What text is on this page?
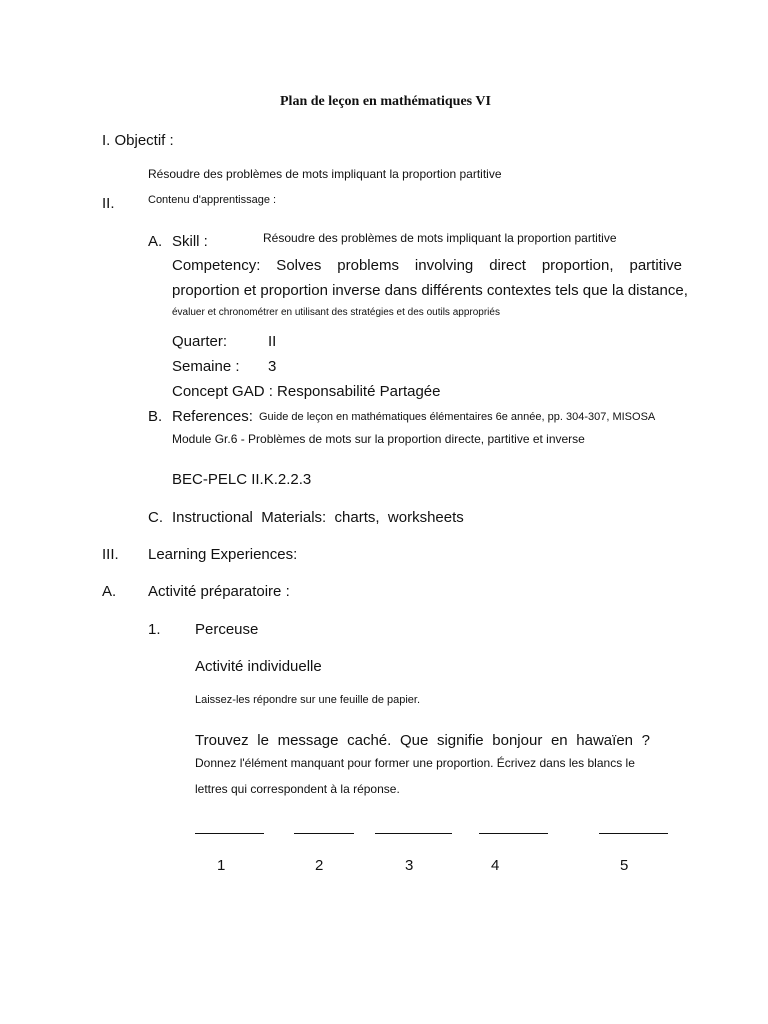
Plan de leçon en mathématiques VI
I. Objectif :
Résoudre des problèmes de mots impliquant la proportion partitive
II.	Contenu d'apprentissage :
A. Skill :	Résoudre des problèmes de mots impliquant la proportion partitive
Competency: Solves problems involving direct proportion, partitive
proportion et proportion inverse dans différents contextes tels que la distance,
évaluer et chronométrer en utilisant des stratégies et des outils appropriés
Quarter:	II
Semaine : 3
Concept GAD : Responsabilité Partagée
B. References: Guide de leçon en mathématiques élémentaires 6e année, pp. 304-307, MISOSA
Module Gr.6 - Problèmes de mots sur la proportion directe, partitive et inverse
BEC-PELC II.K.2.2.3
C. Instructional  Materials:  charts,  worksheets
III. Learning Experiences:
A. Activité préparatoire :
1. Perceuse
Activité individuelle
Laissez-les répondre sur une feuille de papier.
Trouvez le message caché. Que signifie bonjour en hawaïen ?
Donnez l'élément manquant pour former une proportion. Écrivez dans les blancs le
lettres qui correspondent à la réponse.
1	2	3	4	5
